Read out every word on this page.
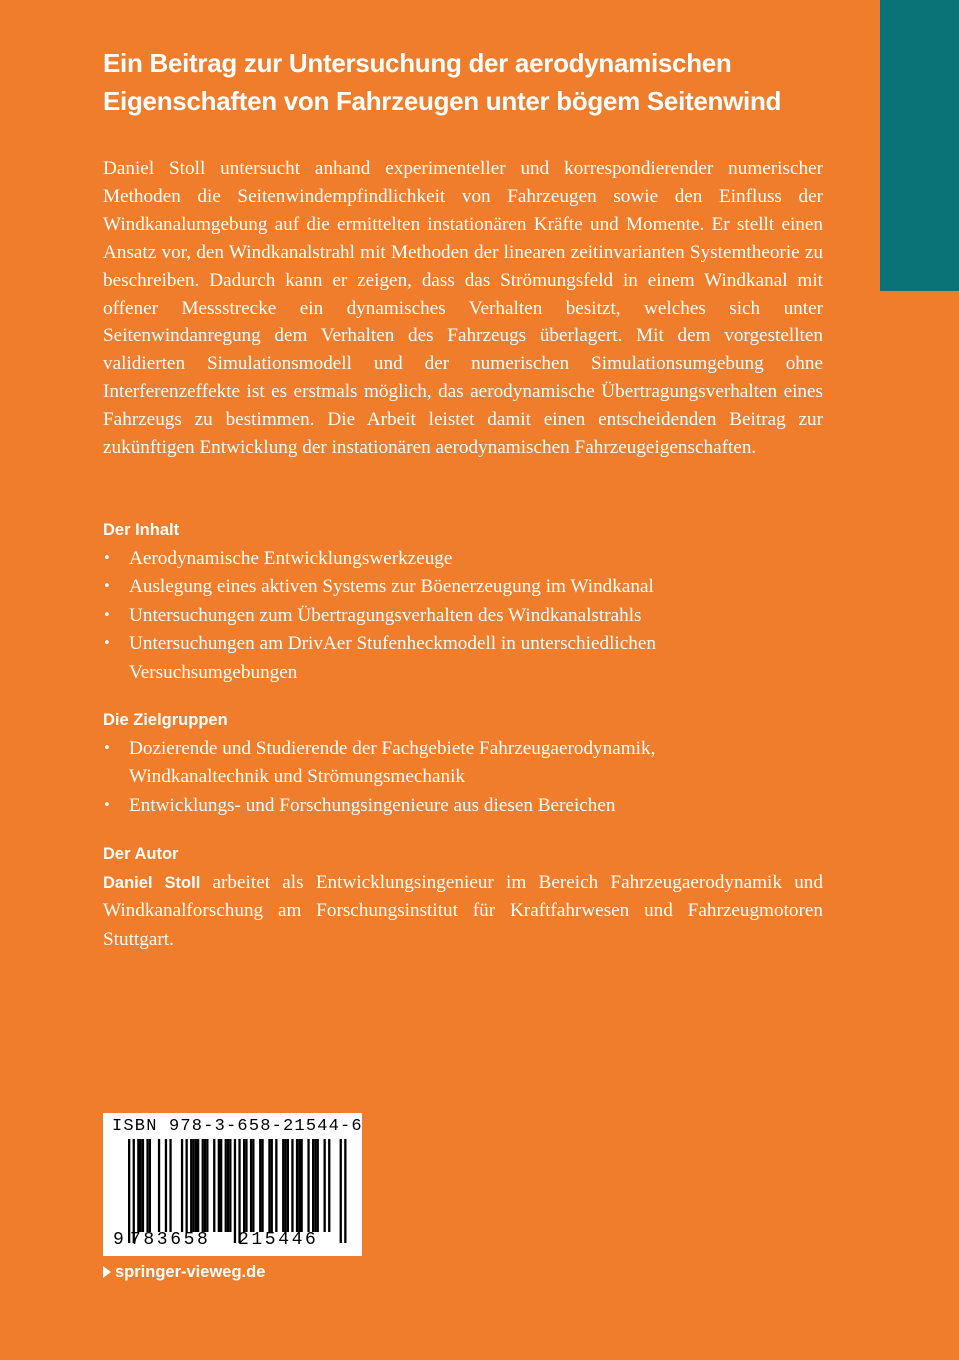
Ein Beitrag zur Untersuchung der aerodynamischen
Eigenschaften von Fahrzeugen unter bögem Seitenwind
Daniel Stoll untersucht anhand experimenteller und korrespondierender numerischer Methoden die Seitenwindempfindlichkeit von Fahrzeugen sowie den Einfluss der Windkanalumgebung auf die ermittelten instationären Kräfte und Momente. Er stellt einen Ansatz vor, den Windkanalstrahl mit Methoden der linearen zeitinvarianten Systemtheorie zu beschreiben. Dadurch kann er zeigen, dass das Strömungsfeld in einem Windkanal mit offener Messstrecke ein dynamisches Verhalten besitzt, welches sich unter Seitenwindanregung dem Verhalten des Fahrzeugs überlagert. Mit dem vorgestellten validierten Simulationsmodell und der numerischen Simulationsumgebung ohne Interferenzeffekte ist es erstmals möglich, das aerodynamische Übertragungsverhalten eines Fahrzeugs zu bestimmen. Die Arbeit leistet damit einen entscheidenden Beitrag zur zukünftigen Entwicklung der instationären aerodynamischen Fahrzeugeigenschaften.
Der Inhalt
• Aerodynamische Entwicklungswerkzeuge
• Auslegung eines aktiven Systems zur Böenerzeugung im Windkanal
• Untersuchungen zum Übertragungsverhalten des Windkanalstrahls
• Untersuchungen am DrivAer Stufenheckmodell in unterschiedlichen Versuchsumgebungen
Die Zielgruppen
• Dozierende und Studierende der Fachgebiete Fahrzeugaerodynamik, Windkanaltechnik und Strömungsmechanik
• Entwicklungs- und Forschungsingenieure aus diesen Bereichen
Der Autor
Daniel Stoll arbeitet als Entwicklungsingenieur im Bereich Fahrzeugaerodynamik und Windkanalforschung am Forschungsinstitut für Kraftfahrwesen und Fahrzeugmotoren Stuttgart.
ISBN 978-3-658-21544-6
9 783658 215446
springer-vieweg.de
